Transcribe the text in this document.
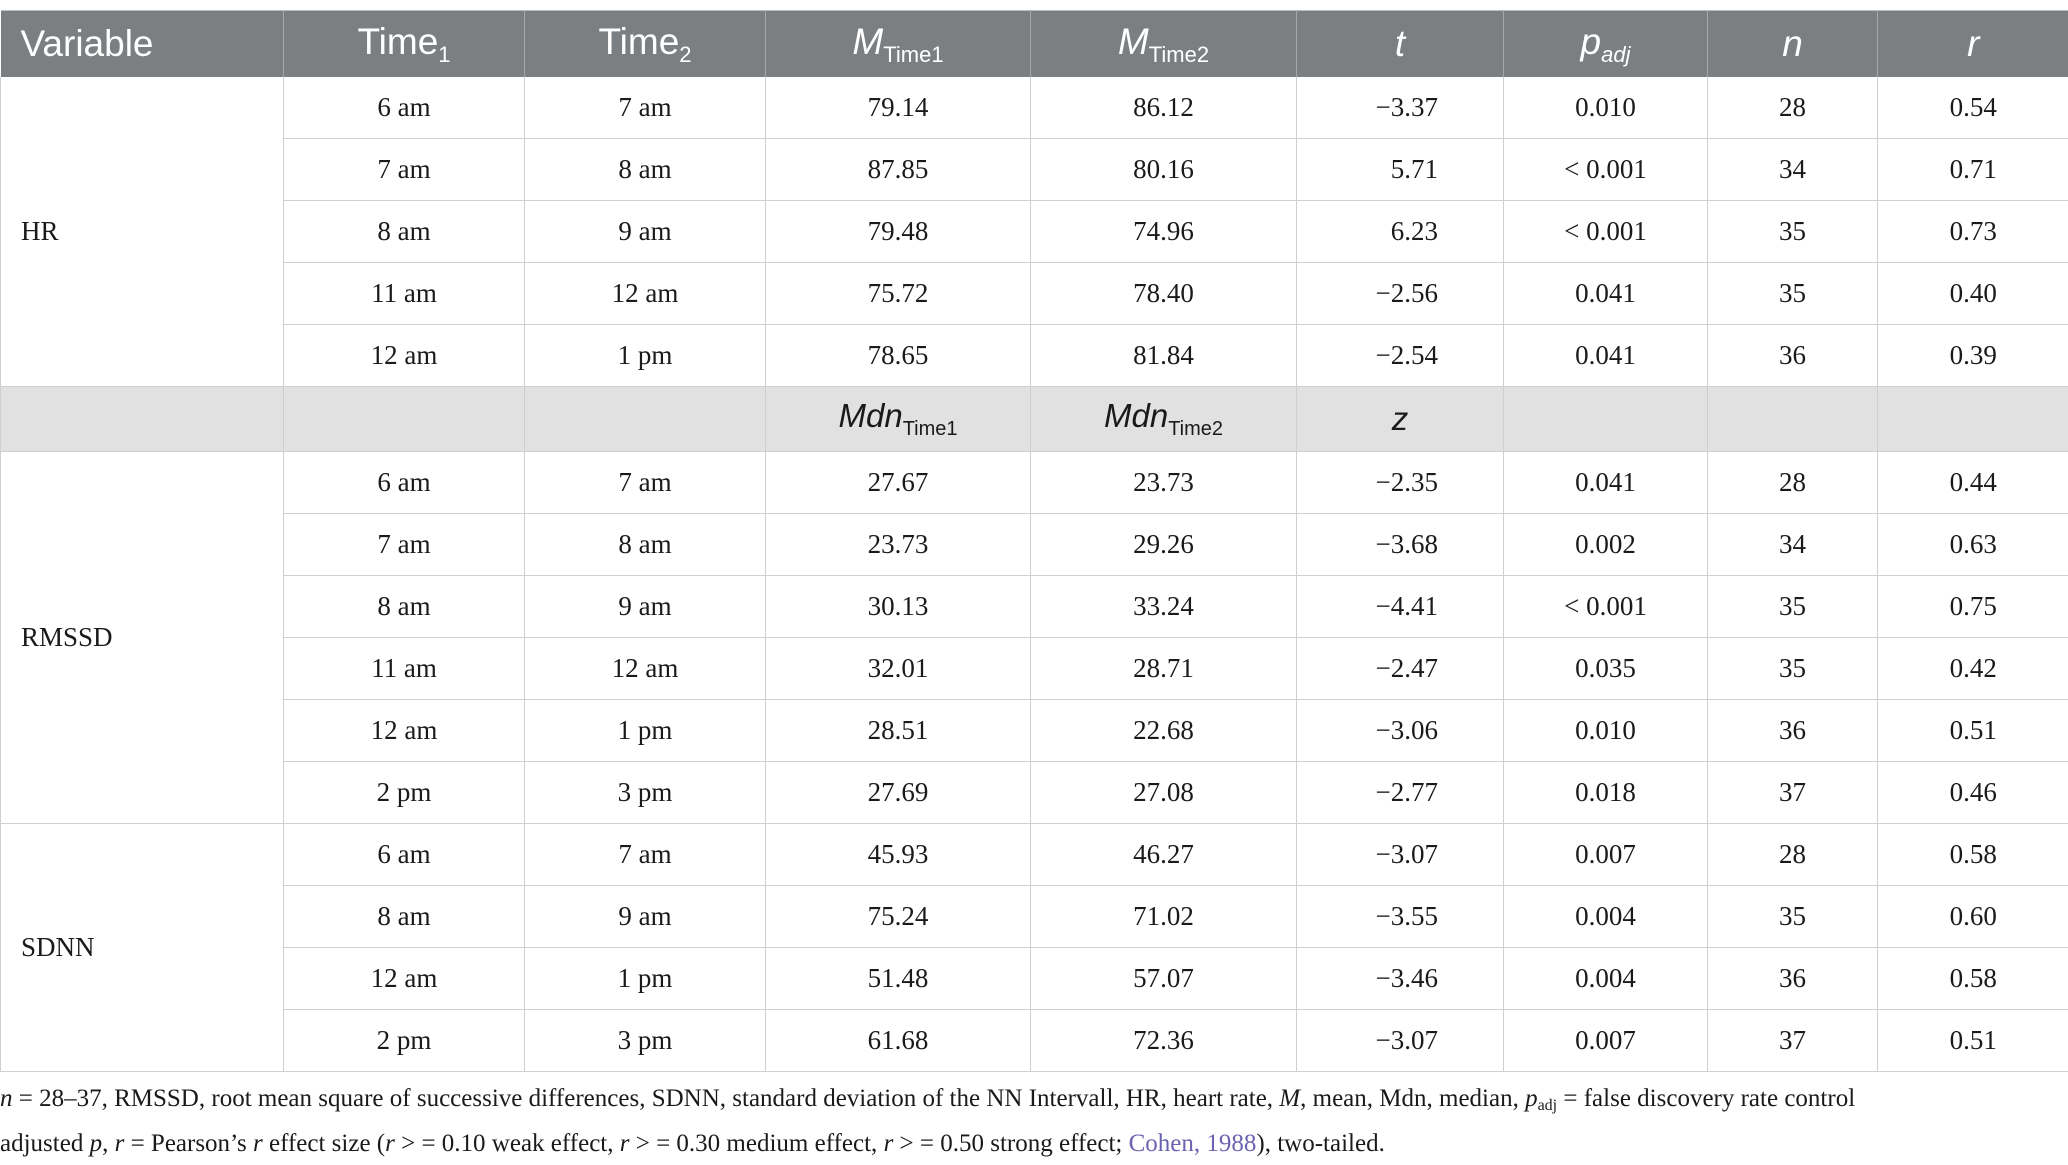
Variable	Time$_1$	Time$_2$	$M_{Time1}$	$M_{Time2}$	t	$p_{adj}$	n	r
HR	6 am	7 am	79.14	86.12	−3.37	0.010	28	0.54
	7 am	8 am	87.85	80.16	5.71	< 0.001	34	0.71
	8 am	9 am	79.48	74.96	6.23	< 0.001	35	0.73
	11 am	12 am	75.72	78.40	−2.56	0.041	35	0.40
	12 am	1 pm	78.65	81.84	−2.54	0.041	36	0.39
			Mdn$_{Time1}$	Mdn$_{Time2}$	z			
RMSSD	6 am	7 am	27.67	23.73	−2.35	0.041	28	0.44
	7 am	8 am	23.73	29.26	−3.68	0.002	34	0.63
	8 am	9 am	30.13	33.24	−4.41	< 0.001	35	0.75
	11 am	12 am	32.01	28.71	−2.47	0.035	35	0.42
	12 am	1 pm	28.51	22.68	−3.06	0.010	36	0.51
	2 pm	3 pm	27.69	27.08	−2.77	0.018	37	0.46
SDNN	6 am	7 am	45.93	46.27	−3.07	0.007	28	0.58
	8 am	9 am	75.24	71.02	−3.55	0.004	35	0.60
	12 am	1 pm	51.48	57.07	−3.46	0.004	36	0.58
	2 pm	3 pm	61.68	72.36	−3.07	0.007	37	0.51
n = 28–37, RMSSD, root mean square of successive differences, SDNN, standard deviation of the NN Intervall, HR, heart rate, M, mean, Mdn, median, $p_{adj}$ = false discovery rate control
adjusted p, r = Pearson’s r effect size (r > = 0.10 weak effect, r > = 0.30 medium effect, r > = 0.50 strong effect; Cohen, 1988), two-tailed.
